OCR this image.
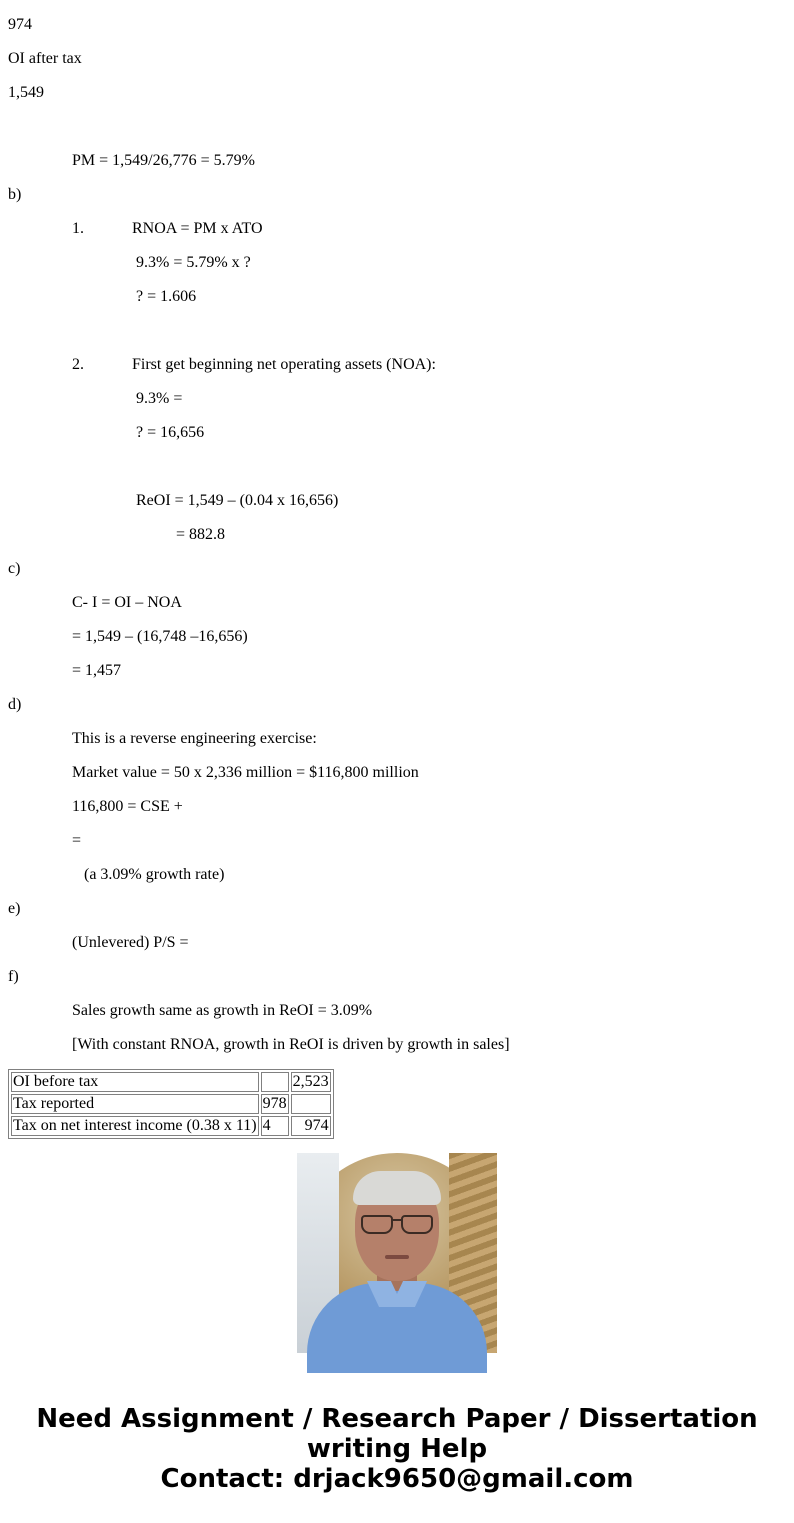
974
OI after tax
1,549
PM = 1,549/26,776 = 5.79%
b)
1.	RNOA = PM x ATO
9.3% = 5.79% x ?
? = 1.606
2.	First get beginning net operating assets (NOA):
9.3% =
? = 16,656
ReOI = 1,549 – (0.04 x 16,656)
= 882.8
c)
C- I = OI – NOA
= 1,549 – (16,748 –16,656)
= 1,457
d)
This is a reverse engineering exercise:
Market value = 50 x 2,336 million = $116,800 million
116,800 = CSE +
=
(a 3.09% growth rate)
e)
(Unlevered) P/S =
f)
Sales growth same as growth in ReOI = 3.09%
[With constant RNOA, growth in ReOI is driven by growth in sales]
OI before tax		2,523
Tax reported	978	
Tax on net interest income (0.38 x 11)	4	974
Need Assignment / Research Paper / Dissertation
writing Help
Contact: drjack9650@gmail.com
